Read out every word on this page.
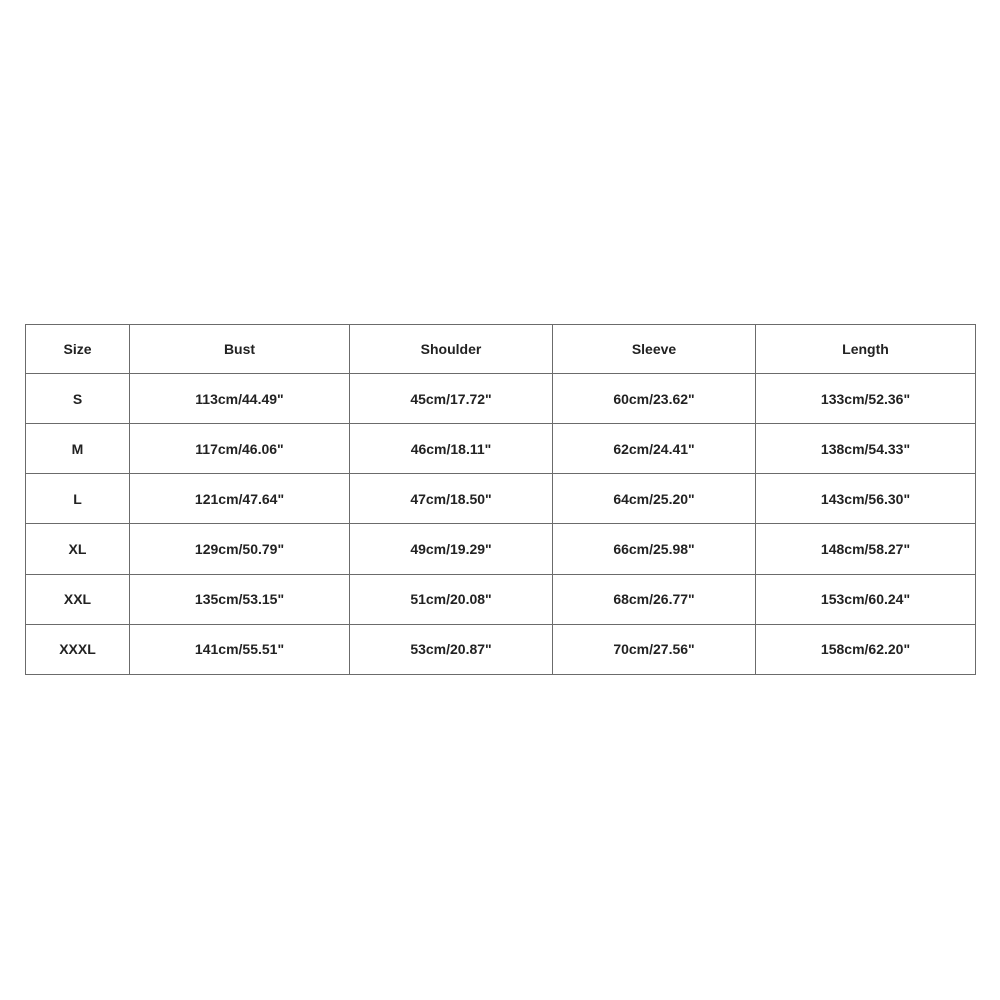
Size	Bust	Shoulder	Sleeve	Length
S	113cm/44.49"	45cm/17.72"	60cm/23.62"	133cm/52.36"
M	117cm/46.06"	46cm/18.11"	62cm/24.41"	138cm/54.33"
L	121cm/47.64"	47cm/18.50"	64cm/25.20"	143cm/56.30"
XL	129cm/50.79"	49cm/19.29"	66cm/25.98"	148cm/58.27"
XXL	135cm/53.15"	51cm/20.08"	68cm/26.77"	153cm/60.24"
XXXL	141cm/55.51"	53cm/20.87"	70cm/27.56"	158cm/62.20"
